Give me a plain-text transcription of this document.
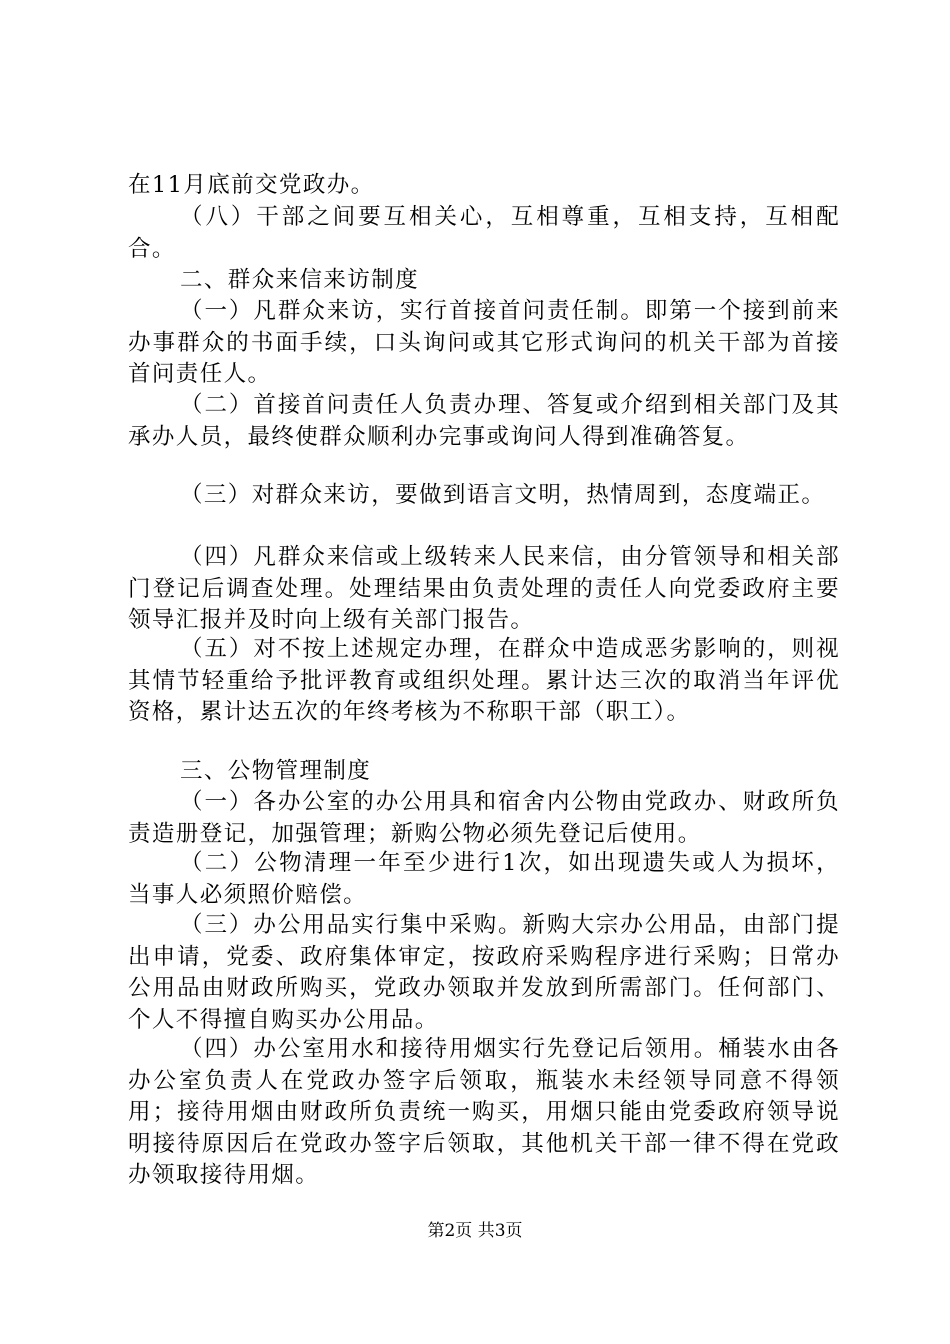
在11月底前交党政办。

（八）干部之间要互相关心，互相尊重，互相支持，互相配合。

二、群众来信来访制度

（一）凡群众来访，实行首接首问责任制。即第一个接到前来办事群众的书面手续，口头询问或其它形式询问的机关干部为首接首问责任人。

（二）首接首问责任人负责办理、答复或介绍到相关部门及其承办人员，最终使群众顺利办完事或询问人得到准确答复。

（三）对群众来访，要做到语言文明，热情周到，态度端正。

（四）凡群众来信或上级转来人民来信，由分管领导和相关部门登记后调查处理。处理结果由负责处理的责任人向党委政府主要领导汇报并及时向上级有关部门报告。

（五）对不按上述规定办理，在群众中造成恶劣影响的，则视其情节轻重给予批评教育或组织处理。累计达三次的取消当年评优资格，累计达五次的年终考核为不称职干部（职工）。

三、公物管理制度

（一）各办公室的办公用具和宿舍内公物由党政办、财政所负责造册登记，加强管理；新购公物必须先登记后使用。

（二）公物清理一年至少进行1次，如出现遗失或人为损坏，当事人必须照价赔偿。

（三）办公用品实行集中采购。新购大宗办公用品，由部门提出申请，党委、政府集体审定，按政府采购程序进行采购；日常办公用品由财政所购买，党政办领取并发放到所需部门。任何部门、个人不得擅自购买办公用品。

（四）办公室用水和接待用烟实行先登记后领用。桶装水由各办公室负责人在党政办签字后领取，瓶装水未经领导同意不得领用；接待用烟由财政所负责统一购买，用烟只能由党委政府领导说明接待原因后在党政办签字后领取，其他机关干部一律不得在党政办领取接待用烟。

第2页 共3页
